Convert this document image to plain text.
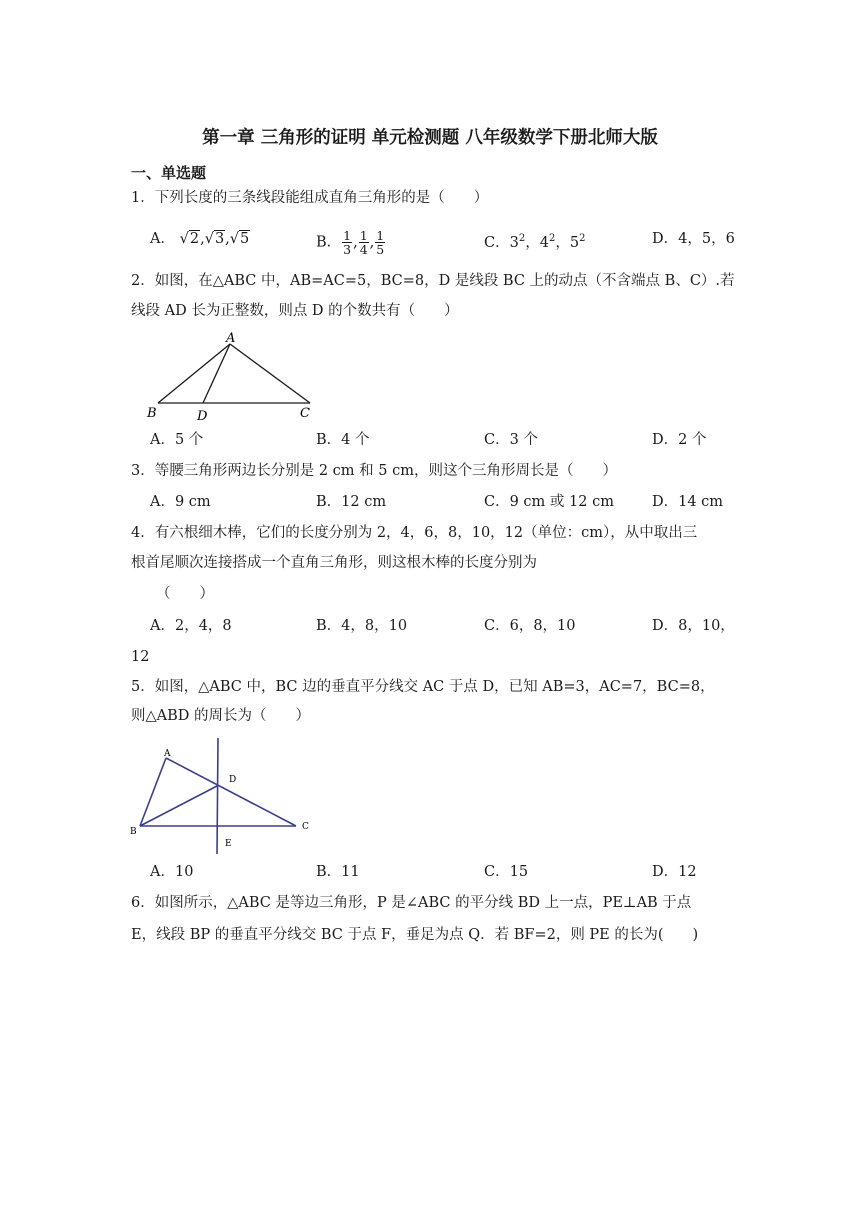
第一章 三角形的证明 单元检测题 八年级数学下册北师大版
一、单选题
1．下列长度的三条线段能组成直角三角形的是（　　）
A． √2,√3,√5	B． $\frac{1}{3}$ , $\frac{1}{4}$ , $\frac{1}{5}$	C．$3^2$，$4^2$，$5^2$	D．4，5，6
2．如图，在△ABC 中，AB=AC=5，BC=8，D 是线段 BC 上的动点（不含端点 B、C）.若
线段 AD 长为正整数，则点 D 的个数共有（　　）
A
B	D	C
A．5 个	B．4 个	C．3 个	D．2 个
3．等腰三角形两边长分别是 2 cm 和 5 cm，则这个三角形周长是（　　）
A．9 cm	B．12 cm	C．9 cm 或 12 cm	D．14 cm
4．有六根细木棒，它们的长度分别为 2，4，6，8，10，12（单位：cm），从中取出三
根首尾顺次连接搭成一个直角三角形，则这根木棒的长度分别为
（　　）
A．2，4，8	B．4，8，10	C．6，8，10	D．8，10，
12
5．如图，△ABC 中，BC 边的垂直平分线交 AC 于点 D，已知 AB=3，AC=7，BC=8，
则△ABD 的周长为（　　）
A
D
B	C
E
A．10	B．11	C．15	D．12
6．如图所示，△ABC 是等边三角形，P 是∠ABC 的平分线 BD 上一点，PE⊥AB 于点
E，线段 BP 的垂直平分线交 BC 于点 F，垂足为点 Q．若 BF=2，则 PE 的长为(　　)
